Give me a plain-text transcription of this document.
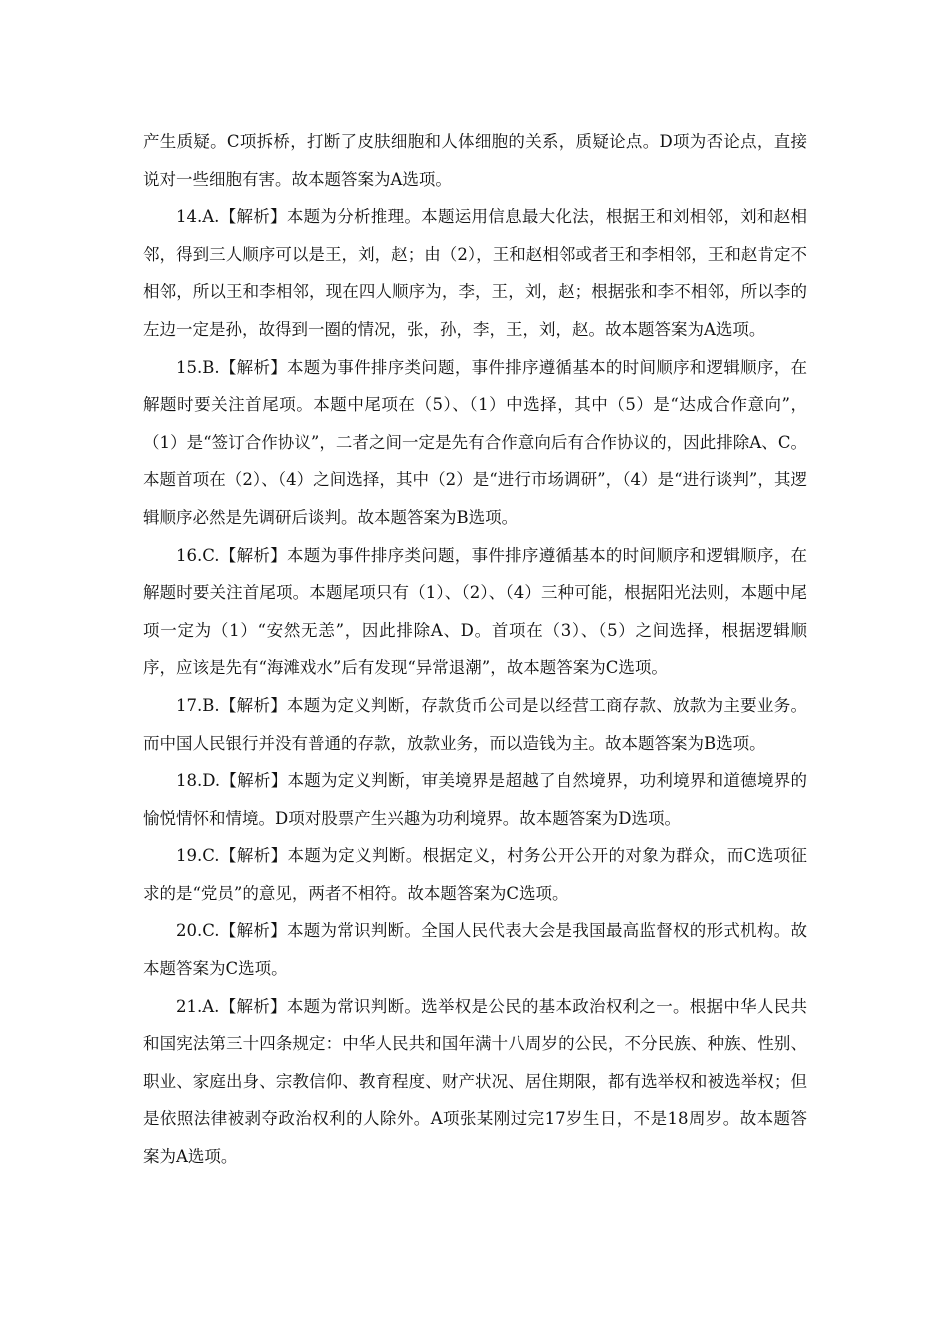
产生质疑。C项拆桥，打断了皮肤细胞和人体细胞的关系，质疑论点。D项为否论点，直接说对一些细胞有害。故本题答案为A选项。

14.A.【解析】本题为分析推理。本题运用信息最大化法，根据王和刘相邻，刘和赵相邻，得到三人顺序可以是王，刘，赵；由（2），王和赵相邻或者王和李相邻，王和赵肯定不相邻，所以王和李相邻，现在四人顺序为，李，王，刘，赵；根据张和李不相邻，所以李的左边一定是孙，故得到一圈的情况，张，孙，李，王，刘，赵。故本题答案为A选项。

15.B.【解析】本题为事件排序类问题，事件排序遵循基本的时间顺序和逻辑顺序，在解题时要关注首尾项。本题中尾项在（5）、（1）中选择，其中（5）是“达成合作意向”，（1）是“签订合作协议”，二者之间一定是先有合作意向后有合作协议的，因此排除A、C。本题首项在（2）、（4）之间选择，其中（2）是“进行市场调研”，（4）是“进行谈判”，其逻辑顺序必然是先调研后谈判。故本题答案为B选项。

16.C.【解析】本题为事件排序类问题，事件排序遵循基本的时间顺序和逻辑顺序，在解题时要关注首尾项。本题尾项只有（1）、（2）、（4）三种可能，根据阳光法则，本题中尾项一定为（1）“安然无恙”，因此排除A、D。首项在（3）、（5）之间选择，根据逻辑顺序，应该是先有“海滩戏水”后有发现“异常退潮”，故本题答案为C选项。

17.B.【解析】本题为定义判断，存款货币公司是以经营工商存款、放款为主要业务。而中国人民银行并没有普通的存款，放款业务，而以造钱为主。故本题答案为B选项。

18.D.【解析】本题为定义判断，审美境界是超越了自然境界，功利境界和道德境界的愉悦情怀和情境。D项对股票产生兴趣为功利境界。故本题答案为D选项。

19.C.【解析】本题为定义判断。根据定义，村务公开公开的对象为群众，而C选项征求的是“党员”的意见，两者不相符。故本题答案为C选项。

20.C.【解析】本题为常识判断。全国人民代表大会是我国最高监督权的形式机构。故本题答案为C选项。

21.A.【解析】本题为常识判断。选举权是公民的基本政治权利之一。根据中华人民共和国宪法第三十四条规定：中华人民共和国年满十八周岁的公民，不分民族、种族、性别、职业、家庭出身、宗教信仰、教育程度、财产状况、居住期限，都有选举权和被选举权；但是依照法律被剥夺政治权利的人除外。A项张某刚过完17岁生日，不是18周岁。故本题答案为A选项。
